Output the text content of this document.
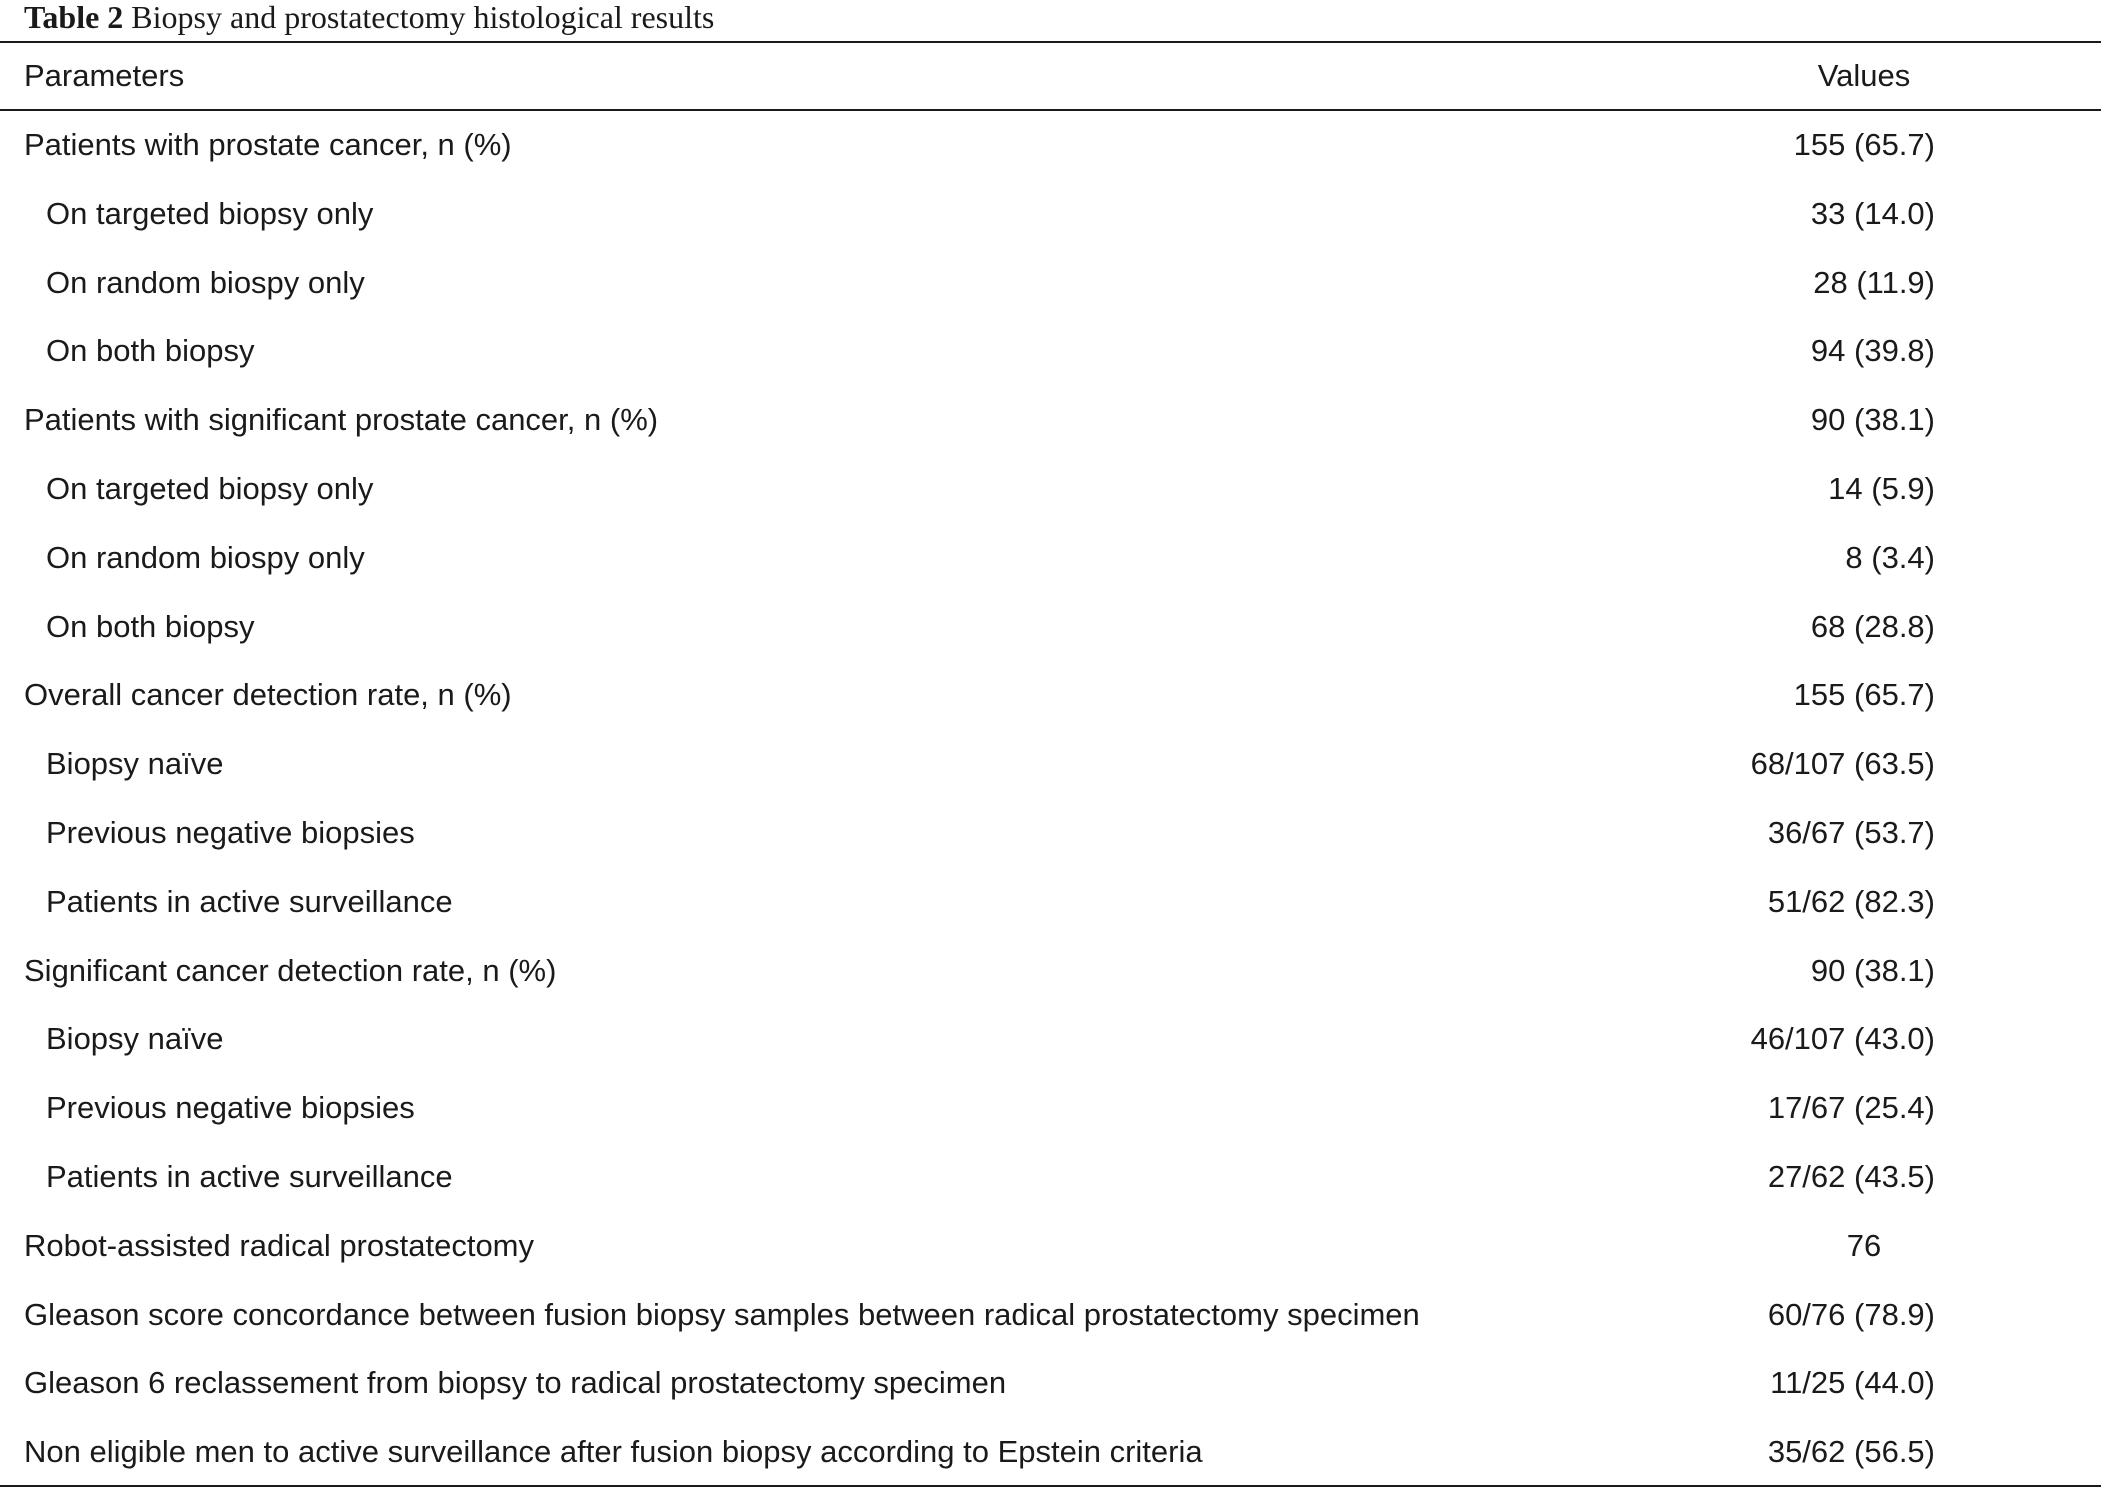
Table 2 Biopsy and prostatectomy histological results
Parameters	Values
Patients with prostate cancer, n (%)	155 (65.7)
On targeted biopsy only	33 (14.0)
On random biospy only	28 (11.9)
On both biopsy	94 (39.8)
Patients with significant prostate cancer, n (%)	90 (38.1)
On targeted biopsy only	14 (5.9)
On random biospy only	8 (3.4)
On both biopsy	68 (28.8)
Overall cancer detection rate, n (%)	155 (65.7)
Biopsy naïve	68/107 (63.5)
Previous negative biopsies	36/67 (53.7)
Patients in active surveillance	51/62 (82.3)
Significant cancer detection rate, n (%)	90 (38.1)
Biopsy naïve	46/107 (43.0)
Previous negative biopsies	17/67 (25.4)
Patients in active surveillance	27/62 (43.5)
Robot-assisted radical prostatectomy	76
Gleason score concordance between fusion biopsy samples between radical prostatectomy specimen	60/76 (78.9)
Gleason 6 reclassement from biopsy to radical prostatectomy specimen	11/25 (44.0)
Non eligible men to active surveillance after fusion biopsy according to Epstein criteria	35/62 (56.5)
